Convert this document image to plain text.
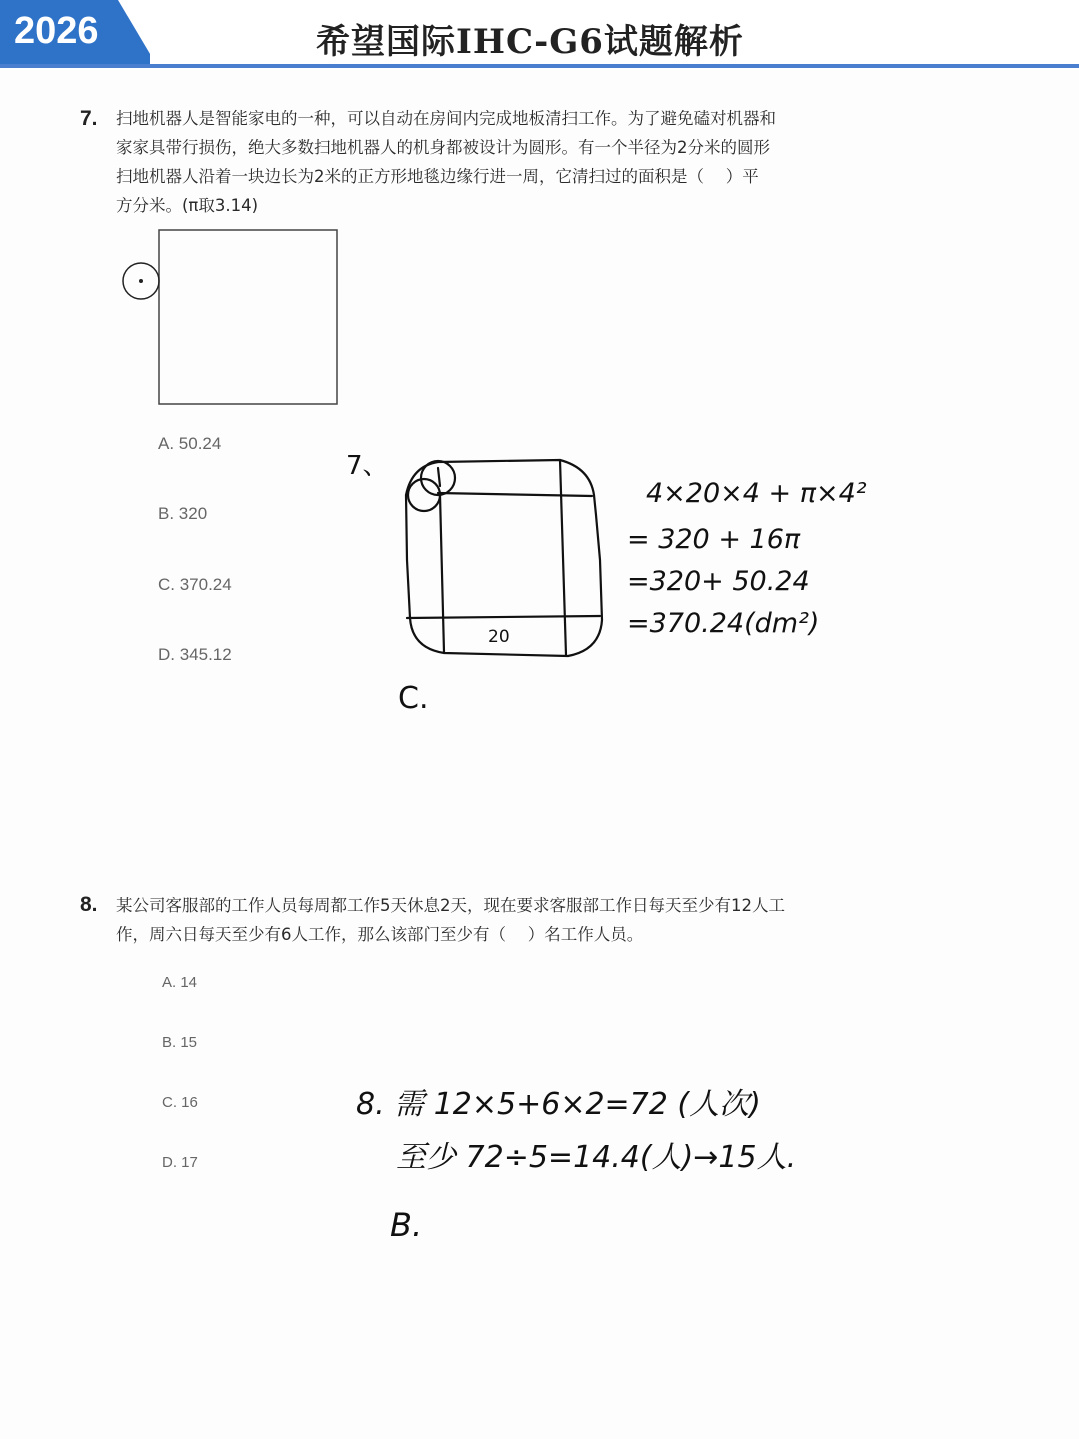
2026	希望国际IHC-G6试题解析
7. 扫地机器人是智能家电的一种，可以自动在房间内完成地板清扫工作。为了避免磕对机器和
家家具带行损伤，绝大多数扫地机器人的机身都被设计为圆形。有一个半径为2分米的圆形
扫地机器人沿着一块边长为2米的正方形地毯边缘行进一周，它清扫过的面积是（　 ）平
方分米。(π取3.14)
7、
20
4×20×4 + π×4²
= 320 + 16π
=320+ 50.24
=370.24(dm²)
C.
8. 需 12×5+6×2=72 (人次)
至少 72÷5=14.4(人)→15人.
B.
A. 50.24
B. 320
C. 370.24
D. 345.12
8. 某公司客服部的工作人员每周都工作5天休息2天，现在要求客服部工作日每天至少有12人工
作，周六日每天至少有6人工作，那么该部门至少有（　 ）名工作人员。
A. 14
B. 15
C. 16
D. 17
